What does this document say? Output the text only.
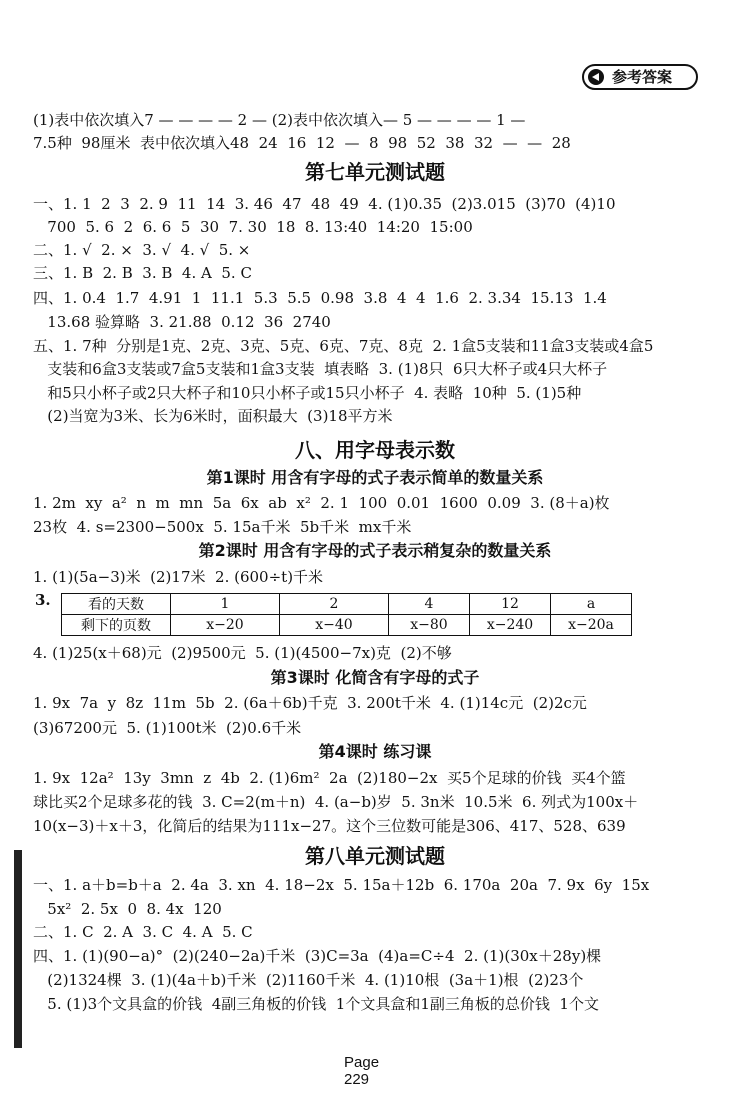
参考答案
(1)表中依次填入7 — — — — 2 — (2)表中依次填入— 5 — — — — 1 —
7.5种  98厘米  表中依次填入48  24  16  12  —  8  98  52  38  32  —  —  28
第七单元测试题
一、1. 1  2  3  2. 9  11  14  3. 46  47  48  49  4. (1)0.35  (2)3.015  (3)70  (4)10
700  5. 6  2  6. 6  5  30  7. 30  18  8. 13:40  14:20  15:00
二、1. √  2. ×  3. √  4. √  5. ×
三、1. B  2. B  3. B  4. A  5. C
四、1. 0.4  1.7  4.91  1  11.1  5.3  5.5  0.98  3.8  4  4  1.6  2. 3.34  15.13  1.4
13.68 验算略  3. 21.88  0.12  36  2740
五、1. 7种  分别是1克、2克、3克、5克、6克、7克、8克  2. 1盒5支装和11盒3支装或4盒5
支装和6盒3支装或7盒5支装和1盒3支装  填表略  3. (1)8只  6只大杯子或4只大杯子
和5只小杯子或2只大杯子和10只小杯子或15只小杯子  4. 表略  10种  5. (1)5种
(2)当宽为3米、长为6米时，面积最大  (3)18平方米
八、用字母表示数
第1课时 用含有字母的式子表示简单的数量关系
1. 2m  xy  a²  n  m  mn  5a  6x  ab  x²  2. 1  100  0.01  1600  0.09  3. (8＋a)枚
23枚  4. s=2300−500x  5. 15a千米  5b千米  mx千米
第2课时 用含有字母的式子表示稍复杂的数量关系
1. (1)(5a−3)米  (2)17米  2. (600÷t)千米
3.	看的天数	1	2	4	12	a
剩下的页数	x−20	x−40	x−80	x−240	x−20a
4. (1)25(x＋68)元  (2)9500元  5. (1)(4500−7x)克  (2)不够
第3课时 化简含有字母的式子
1. 9x  7a  y  8z  11m  5b  2. (6a＋6b)千克  3. 200t千米  4. (1)14c元  (2)2c元
(3)67200元  5. (1)100t米  (2)0.6千米
第4课时 练习课
1. 9x  12a²  13y  3mn  z  4b  2. (1)6m²  2a  (2)180−2x  买5个足球的价钱  买4个篮
球比买2个足球多花的钱  3. C=2(m＋n)  4. (a−b)岁  5. 3n米  10.5米  6. 列式为100x＋
10(x−3)＋x＋3，化简后的结果为111x−27。这个三位数可能是306、417、528、639
第八单元测试题
一、1. a＋b=b＋a  2. 4a  3. xn  4. 18−2x  5. 15a＋12b  6. 170a  20a  7. 9x  6y  15x
5x²  2. 5x  0  8. 4x  120
二、1. C  2. A  3. C  4. A  5. C
四、1. (1)(90−a)°  (2)(240−2a)千米  (3)C=3a  (4)a=C÷4  2. (1)(30x＋28y)棵
(2)1324棵  3. (1)(4a＋b)千米  (2)1160千米  4. (1)10根  (3a＋1)根  (2)23个
5. (1)3个文具盒的价钱  4副三角板的价钱  1个文具盒和1副三角板的总价钱  1个文
Page
229
